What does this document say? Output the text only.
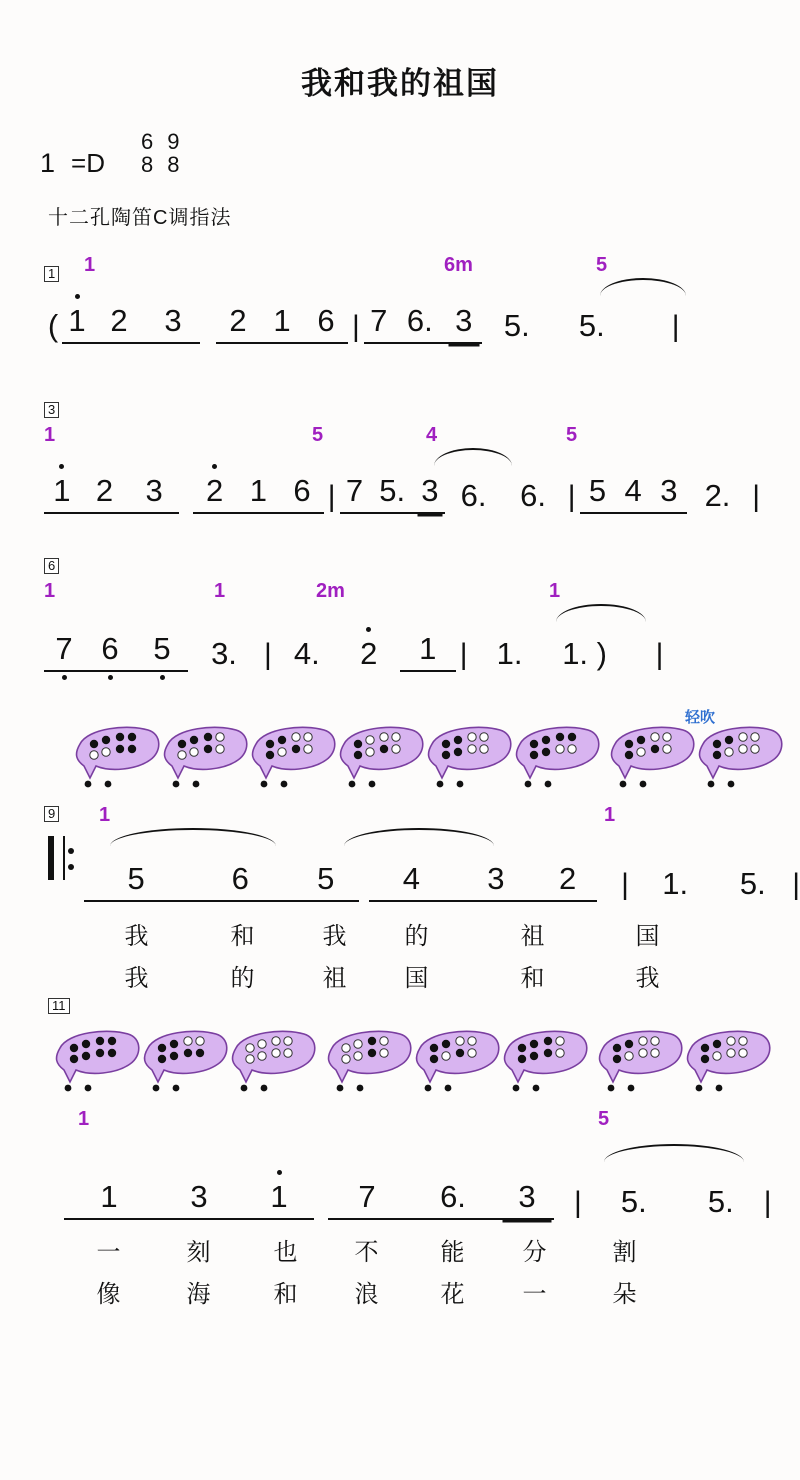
我和我的祖国
1 =D
6
8
9
8
十二孔陶笛C调指法
1 1	6m	5
( 1 2	3	2 1 6 | 7 6. 3	5.	5.	|
3
1	5	4	5
1 2	3	2 1 6 | 7 5. 3 6.	6. | 5 4 3 2. |
6
1	1	2m	1
7 6	5	3. | 4.	2	1 | 1.	1. )	|
轻吹
9 1	1
5	6	5	4	3	2	|	1.	5. |
我	和	我	的	祖	国
我	的	祖	国	和	我
11
1	5
1	3	1	7	6.	3	|	5.	5.	|
一	刻	也	不	能	分	割
像	海	和	浪	花	一	朵
